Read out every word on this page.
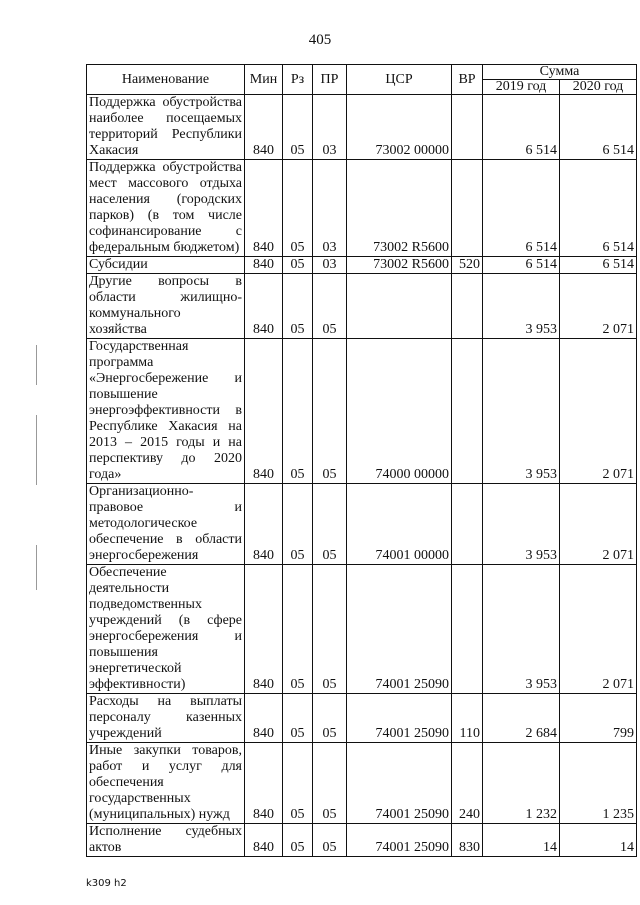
405
Наименование	Мин	Рз	ПР	ЦСР	ВР	Сумма	
						2019 год	2020 год
Поддержка обустройства наиболее посещаемых территорий Республики Хакасия	840	05	03	73002 00000		6 514	6 514
Поддержка обустройства мест массового отдыха населения (городских парков) (в том числе софинансирование с федеральным бюджетом)	840	05	03	73002 R5600		6 514	6 514
Субсидии	840	05	03	73002 R5600	520	6 514	6 514
Другие вопросы в области жилищно-коммунального хозяйства	840	05	05			3 953	2 071
Государственная программа «Энергосбережение и повышение энергоэффективности в Республике Хакасия на 2013 – 2015 годы и на перспективу до 2020 года»	840	05	05	74000 00000		3 953	2 071
Организационно-правовое и методологическое обеспечение в области энергосбережения	840	05	05	74001 00000		3 953	2 071
Обеспечение деятельности подведомственных учреждений (в сфере энергосбережения и повышения энергетической эффективности)	840	05	05	74001 25090		3 953	2 071
Расходы на выплаты персоналу казенных учреждений	840	05	05	74001 25090	110	2 684	799
Иные закупки товаров, работ и услуг для обеспечения государственных (муниципальных) нужд	840	05	05	74001 25090	240	1 232	1 235
Исполнение судебных актов	840	05	05	74001 25090	830	14	14
k309 h2
